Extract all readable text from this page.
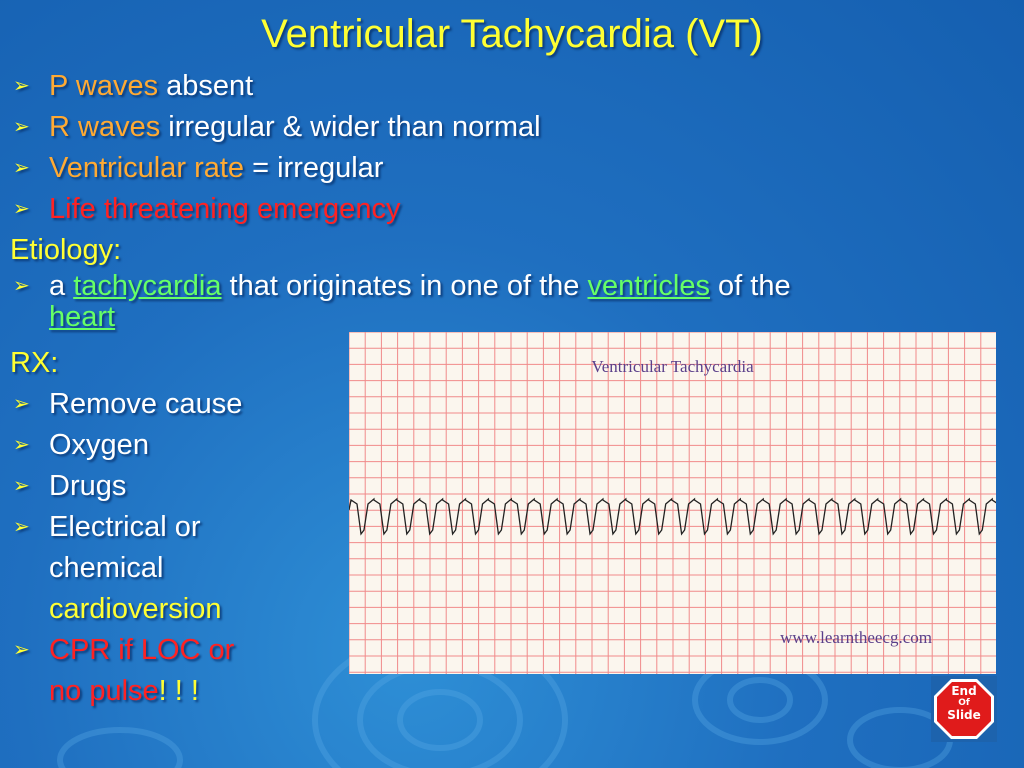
Ventricular Tachycardia (VT)
➢ P waves absent
➢ R waves irregular & wider than normal
➢ Ventricular rate = irregular
➢ Life threatening emergency
Etiology:
➢ a tachycardia that originates in one of the ventricles of the
heart
RX:
➢ Remove cause
➢ Oxygen
➢ Drugs
➢ Electrical or
chemical
cardioversion
➢ CPR if LOC or
no pulse! ! !
Ventricular Tachycardia
www.learntheecg.com
End
Of
Slide
